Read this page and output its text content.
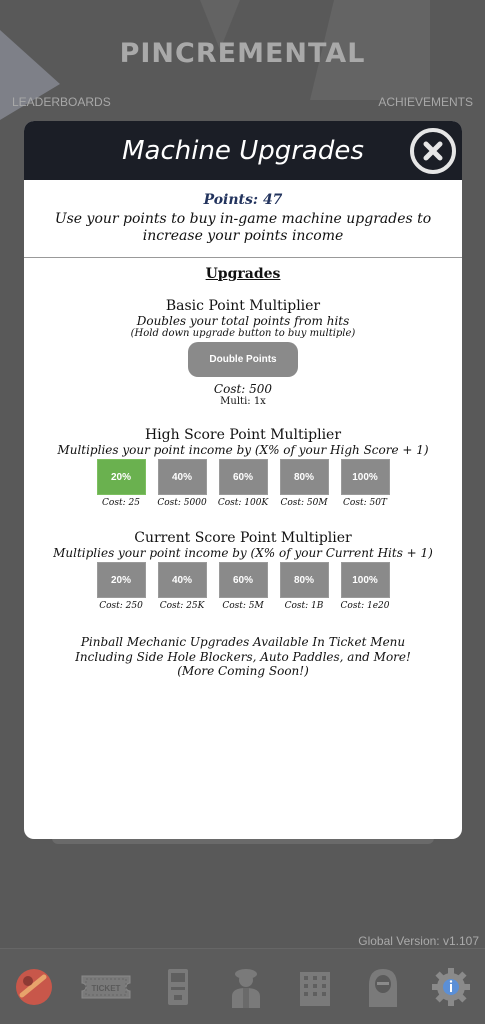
PINCREMENTAL
LEADERBOARDS	ACHIEVEMENTS
Global Version: v1.107
Machine Upgrades
Points: 47
Use your points to buy in-game machine upgrades to increase your points income
Upgrades
Basic Point Multiplier
Doubles your total points from hits
(Hold down upgrade button to buy multiple)
Double Points
Cost: 500
Multi: 1x
High Score Point Multiplier
Multiplies your point income by (X% of your High Score + 1)
20%
Cost: 25
40%
Cost: 5000
60%
Cost: 100K
80%
Cost: 50M
100%
Cost: 50T
Current Score Point Multiplier
Multiplies your point income by (X% of your Current Hits + 1)
20%
Cost: 250
40%
Cost: 25K
60%
Cost: 5M
80%
Cost: 1B
100%
Cost: 1e20
Pinball Mechanic Upgrades Available In Ticket Menu
Including Side Hole Blockers, Auto Paddles, and More!
(More Coming Soon!)
TICKET
